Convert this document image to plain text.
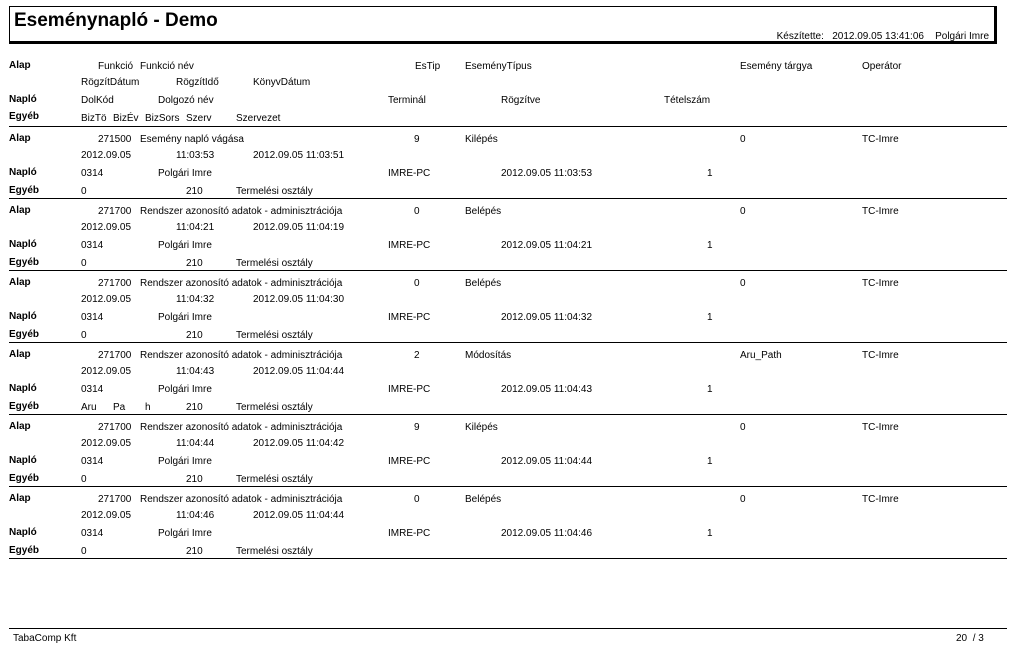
Eseménynapló - Demo
Készítette: 2012.09.05 13:41:06 Polgári Imre
Alap	Funkció Funkció név	EsTip EseményTípus	Esemény tárgya	Operátor
RögzítDátum	RögzítIdő	KönyvDátum
Napló	DolKód	Dolgozó név	Terminál	Rögzítve	Tételszám
Egyéb	BizTö BizÉv BizSors Szerv Szervezet
Alap	271500 Esemény napló vágása	9	Kilépés	0	TC-Imre
2012.09.05	11:03:53	2012.09.05 11:03:51
Napló	0314	Polgári Imre	IMRE-PC	2012.09.05 11:03:53	1
Egyéb	0	210	Termelési osztály
Alap	271700 Rendszer azonosító adatok - adminisztrációja	0	Belépés	0	TC-Imre
2012.09.05	11:04:21	2012.09.05 11:04:19
Napló	0314	Polgári Imre	IMRE-PC	2012.09.05 11:04:21	1
Egyéb	0	210	Termelési osztály
Alap	271700 Rendszer azonosító adatok - adminisztrációja	0	Belépés	0	TC-Imre
2012.09.05	11:04:32	2012.09.05 11:04:30
Napló	0314	Polgári Imre	IMRE-PC	2012.09.05 11:04:32	1
Egyéb	0	210	Termelési osztály
Alap	271700 Rendszer azonosító adatok - adminisztrációja	2	Módosítás	Aru_Path	TC-Imre
2012.09.05	11:04:43	2012.09.05 11:04:44
Napló	0314	Polgári Imre	IMRE-PC	2012.09.05 11:04:43	1
Egyéb	Aru Pa h	210	Termelési osztály
Alap	271700 Rendszer azonosító adatok - adminisztrációja	9	Kilépés	0	TC-Imre
2012.09.05	11:04:44	2012.09.05 11:04:42
Napló	0314	Polgári Imre	IMRE-PC	2012.09.05 11:04:44	1
Egyéb	0	210	Termelési osztály
Alap	271700 Rendszer azonosító adatok - adminisztrációja	0	Belépés	0	TC-Imre
2012.09.05	11:04:46	2012.09.05 11:04:44
Napló	0314	Polgári Imre	IMRE-PC	2012.09.05 11:04:46	1
Egyéb	0	210	Termelési osztály
TabaComp Kft	20 / 3
